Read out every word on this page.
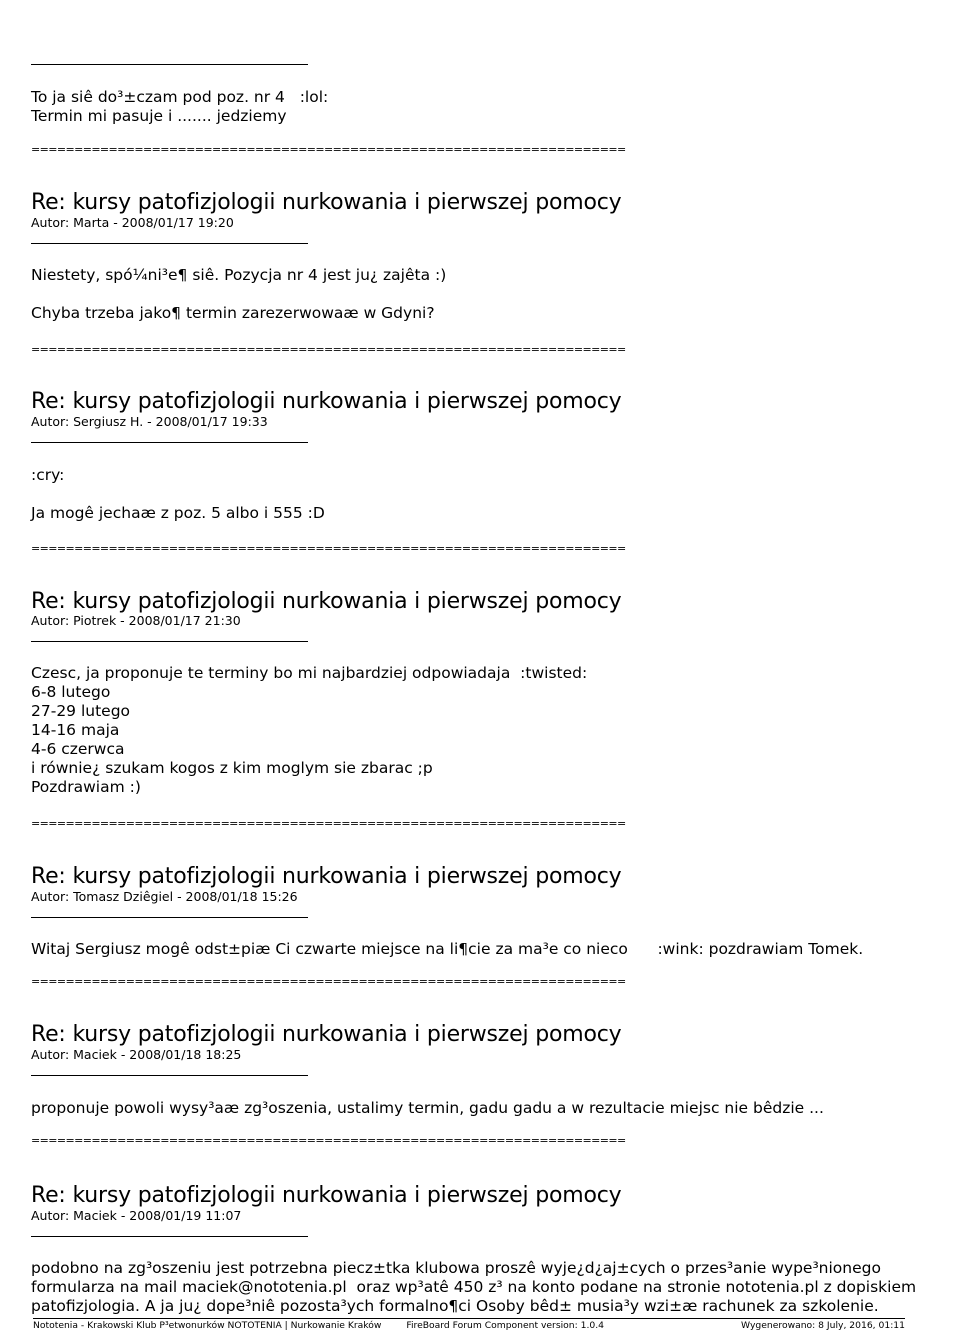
To ja siê do³±czam pod poz. nr 4   :lol:

Termin mi pasuje i ....... jedziemy

=====================================================================

Re: kursy patofizjologii nurkowania i pierwszej pomocy

Autor: Marta - 2008/01/17 19:20

Niestety, spó¼ni³e¶ siê. Pozycja nr 4 jest ju¿ zajêta :)

Chyba trzeba jako¶ termin zarezerwowaæ w Gdyni?

=====================================================================

Re: kursy patofizjologii nurkowania i pierwszej pomocy

Autor: Sergiusz H. - 2008/01/17 19:33

:cry:

Ja mogê jechaæ z poz. 5 albo i 555 :D

=====================================================================

Re: kursy patofizjologii nurkowania i pierwszej pomocy

Autor: Piotrek - 2008/01/17 21:30

Czesc, ja proponuje te terminy bo mi najbardziej odpowiadaja  :twisted:
6-8 lutego
27-29 lutego
14-16 maja
4-6 czerwca
i równie¿ szukam kogos z kim moglym sie zbarac ;p
Pozdrawiam :)

=====================================================================

Re: kursy patofizjologii nurkowania i pierwszej pomocy

Autor: Tomasz Dziêgiel - 2008/01/18 15:26

Witaj Sergiusz mogê odst±piæ Ci czwarte miejsce na li¶cie za ma³e co nieco      :wink: pozdrawiam Tomek.

=====================================================================

Re: kursy patofizjologii nurkowania i pierwszej pomocy

Autor: Maciek - 2008/01/18 18:25

proponuje powoli wysy³aæ zg³oszenia, ustalimy termin, gadu gadu a w rezultacie miejsc nie bêdzie ...

=====================================================================

Re: kursy patofizjologii nurkowania i pierwszej pomocy

Autor: Maciek - 2008/01/19 11:07

podobno na zg³oszeniu jest potrzebna piecz±tka klubowa proszê wyje¿d¿aj±cych o przes³anie wype³nionego
formularza na mail maciek@nototenia.pl  oraz wp³atê 450 z³ na konto podane na stronie nototenia.pl z dopiskiem
patofizjologia. A ja ju¿ dope³niê pozosta³ych formalno¶ci Osoby bêd± musia³y wzi±æ rachunek za szkolenie.

Nototenia - Krakowski Klub P³etwonurków NOTOTENIA | Nurkowanie Kraków	FireBoard Forum Component version: 1.0.4	Wygenerowano: 8 July, 2016, 01:11
